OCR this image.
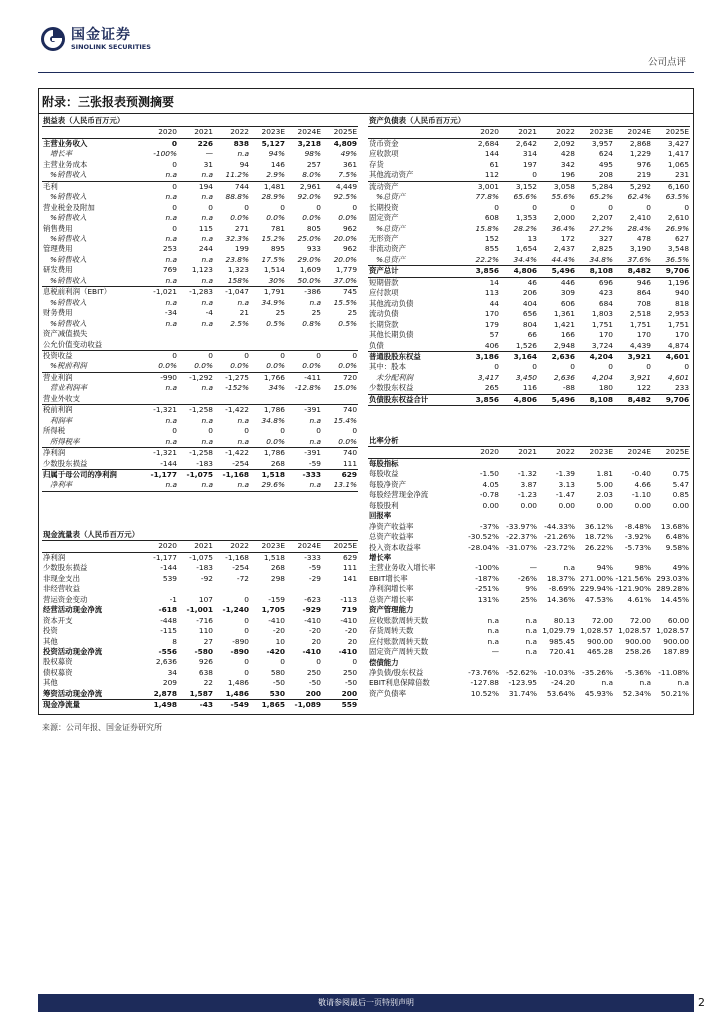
国金证券
SINOLINK SECURITIES
公司点评
附录：三张报表预测摘要
损益表（人民币百万元）						
	2020	2021	2022	2023E	2024E	2025E
主营业务收入	0	226	838	5,127	3,218	4,809
增长率	-100%	—	n.a	94%	98%	49%
主营业务成本	0	31	94	146	257	361
%销售收入	n.a	n.a	11.2%	2.9%	8.0%	7.5%
毛利	0	194	744	1,481	2,961	4,449
%销售收入	n.a	n.a	88.8%	28.9%	92.0%	92.5%
营业税金及附加	0	0	0	0	0	0
%销售收入	n.a	n.a	0.0%	0.0%	0.0%	0.0%
销售费用	0	115	271	781	805	962
%销售收入	n.a	n.a	32.3%	15.2%	25.0%	20.0%
管理费用	253	244	199	895	933	962
%销售收入	n.a	n.a	23.8%	17.5%	29.0%	20.0%
研发费用	769	1,123	1,323	1,514	1,609	1,779
%销售收入	n.a	n.a	158%	30%	50.0%	37.0%
息税前利润（EBIT）	-1,021	-1,283	-1,047	1,791	-386	745
%销售收入	n.a	n.a	n.a	34.9%	n.a	15.5%
财务费用	-34	-4	21	25	25	25
%销售收入	n.a	n.a	2.5%	0.5%	0.8%	0.5%
资产减值损失						
公允价值变动收益						
投资收益	0	0	0	0	0	0
%税前利润	0.0%	0.0%	0.0%	0.0%	0.0%	0.0%
营业利润	-990	-1,292	-1,275	1,766	-411	720
营业利润率	n.a	n.a	-152%	34%	-12.8%	15.0%
营业外收支						
税前利润	-1,321	-1,258	-1,422	1,786	-391	740
利润率	n.a	n.a	n.a	34.8%	n.a	15.4%
所得税	0	0	0	0	0	0
所得税率	n.a	n.a	n.a	0.0%	n.a	0.0%
净利润	-1,321	-1,258	-1,422	1,786	-391	740
少数股东损益	-144	-183	-254	268	-59	111
归属于母公司的净利润	-1,177	-1,075	-1,168	1,518	-333	629
净利率	n.a	n.a	n.a	29.6%	n.a	13.1%
资产负债表（人民币百万元）						
	2020	2021	2022	2023E	2024E	2025E
货币资金	2,684	2,642	2,092	3,957	2,868	3,427
应收款项	144	314	428	624	1,229	1,417
存货	61	197	342	495	976	1,065
其他流动资产	112	0	196	208	219	231
流动资产	3,001	3,152	3,058	5,284	5,292	6,160
%总资产	77.8%	65.6%	55.6%	65.2%	62.4%	63.5%
长期投资	0	0	0	0	0	0
固定资产	608	1,353	2,000	2,207	2,410	2,610
%总资产	15.8%	28.2%	36.4%	27.2%	28.4%	26.9%
无形资产	152	13	172	327	478	627
非流动资产	855	1,654	2,437	2,825	3,190	3,548
%总资产	22.2%	34.4%	44.4%	34.8%	37.6%	36.5%
资产总计	3,856	4,806	5,496	8,108	8,482	9,706
短期借款	14	46	446	696	946	1,196
应付款项	113	206	309	423	864	940
其他流动负债	44	404	606	684	708	818
流动负债	170	656	1,361	1,803	2,518	2,953
长期贷款	179	804	1,421	1,751	1,751	1,751
其他长期负债	57	66	166	170	170	170
负债	406	1,526	2,948	3,724	4,439	4,874
普通股股东权益	3,186	3,164	2,636	4,204	3,921	4,601
其中：股本	0	0	0	0	0	0
未分配利润	3,417	3,450	2,636	4,204	3,921	4,601
少数股东权益	265	116	-88	180	122	233
负债股东权益合计	3,856	4,806	5,496	8,108	8,482	9,706
比率分析						
	2020	2021	2022	2023E	2024E	2025E
每股指标						
每股收益	-1.50	-1.32	-1.39	1.81	-0.40	0.75
每股净资产	4.05	3.87	3.13	5.00	4.66	5.47
每股经营现金净流	-0.78	-1.23	-1.47	2.03	-1.10	0.85
每股股利	0.00	0.00	0.00	0.00	0.00	0.00
回报率						
净资产收益率	-37%	-33.97%	-44.33%	36.12%	-8.48%	13.68%
总资产收益率	-30.52%	-22.37%	-21.26%	18.72%	-3.92%	6.48%
投入资本收益率	-28.04%	-31.07%	-23.72%	26.22%	-5.73%	9.58%
增长率						
主营业务收入增长率	-100%	—	n.a	94%	98%	49%
EBIT增长率	-187%	-26%	18.37%	271.00%	-121.56%	293.03%
净利润增长率	-251%	9%	-8.69%	229.94%	-121.90%	289.28%
总资产增长率	131%	25%	14.36%	47.53%	4.61%	14.45%
资产管理能力						
应收账款周转天数	n.a	n.a	80.13	72.00	72.00	60.00
存货周转天数	n.a	n.a	1,029.79	1,028.57	1,028.57	1,028.57
应付账款周转天数	n.a	n.a	985.45	900.00	900.00	900.00
固定资产周转天数	—	n.a	720.41	465.28	258.26	187.89
偿债能力						
净负债/股东权益	-73.76%	-52.62%	-10.03%	-35.26%	-5.36%	-11.08%
EBIT利息保障倍数	-127.88	-123.95	-24.20	n.a	n.a	n.a
资产负债率	10.52%	31.74%	53.64%	45.93%	52.34%	50.21%
现金流量表（人民币百万元）						
	2020	2021	2022	2023E	2024E	2025E
净利润	-1,177	-1,075	-1,168	1,518	-333	629
少数股东损益	-144	-183	-254	268	-59	111
非现金支出	539	-92	-72	298	-29	141
非经营收益						
营运资金变动	-1	107	0	-159	-623	-113
经营活动现金净流	-618	-1,001	-1,240	1,705	-929	719
资本开支	-448	-716	0	-410	-410	-410
投资	-115	110	0	-20	-20	-20
其他	8	27	-890	10	20	20
投资活动现金净流	-556	-580	-890	-420	-410	-410
股权募资	2,636	926	0	0	0	0
债权募资	34	638	0	580	250	250
其他	209	22	1,486	-50	-50	-50
筹资活动现金净流	2,878	1,587	1,486	530	200	200
现金净流量	1,498	-43	-549	1,865	-1,089	559
来源：公司年报、国金证券研究所
敬请参阅最后一页特别声明	2
